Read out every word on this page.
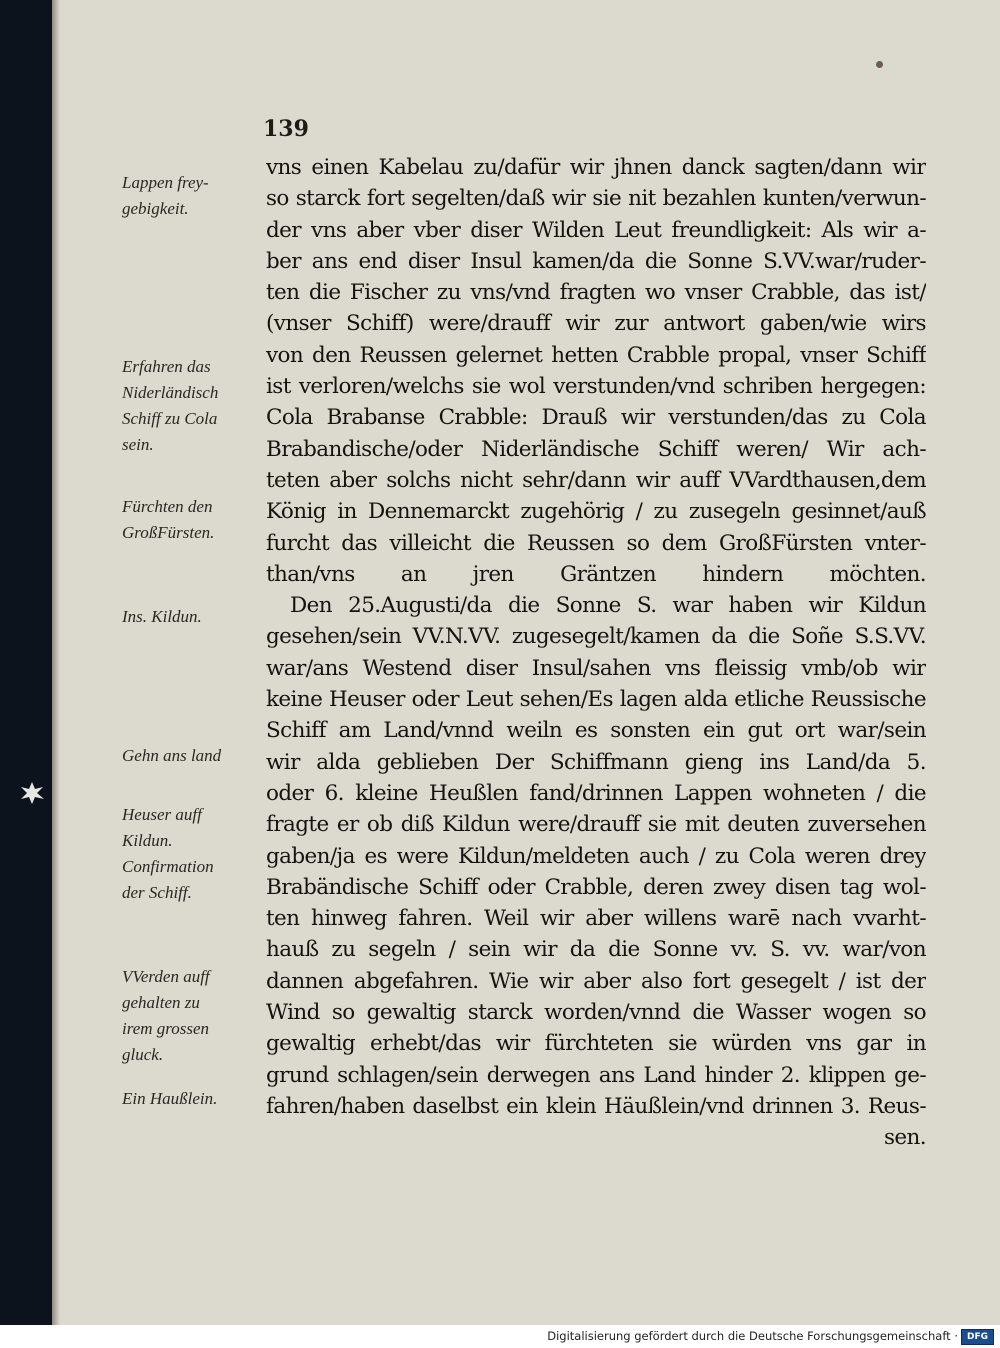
139
Lappen frey-
gebigkeit.
Erfahren das
Niderländisch
Schiff zu Cola
sein.
Fürchten den
GroßFürsten.
Ins. Kildun.
Gehn ans land
Heuser auff
Kildun.
Confirmation
der Schiff.
VVerden auff
gehalten zu
irem grossen
gluck.
Ein Haußlein.
vns einen Kabelau zu/dafür wir jhnen danck sagten/dann wir
so starck fort segelten/daß wir sie nit bezahlen kunten/verwun-
der vns aber vber diser Wilden Leut freundligkeit: Als wir a-
ber ans end diser Insul kamen/da die Sonne S.VV.war/ruder-
ten die Fischer zu vns/vnd fragten wo vnser Crabble, das ist/
(vnser Schiff) were/drauff wir zur antwort gaben/wie wirs
von den Reussen gelernet hetten Crabble propal, vnser Schiff
ist verloren/welchs sie wol verstunden/vnd schriben hergegen:
Cola Brabanse Crabble: Drauß wir verstunden/das zu Cola
Brabandische/oder Niderländische Schiff weren/ Wir ach-
teten aber solchs nicht sehr/dann wir auff VVardthausen,dem
König in Dennemarckt zugehörig / zu zusegeln gesinnet/auß
furcht das villeicht die Reussen so dem GroßFürsten vnter-
than/vns an jren Gräntzen hindern möchten.
Den 25.Augusti/da die Sonne S. war haben wir Kildun
gesehen/sein VV.N.VV. zugesegelt/kamen da die Soñe S.S.VV.
war/ans Westend diser Insul/sahen vns fleissig vmb/ob wir
keine Heuser oder Leut sehen/Es lagen alda etliche Reussische
Schiff am Land/vnnd weiln es sonsten ein gut ort war/sein
wir alda geblieben Der Schiffmann gieng ins Land/da 5.
oder 6. kleine Heußlen fand/drinnen Lappen wohneten / die
fragte er ob diß Kildun were/drauff sie mit deuten zuversehen
gaben/ja es were Kildun/meldeten auch / zu Cola weren drey
Brabändische Schiff oder Crabble, deren zwey disen tag wol-
ten hinweg fahren. Weil wir aber willens warē nach vvarht-
hauß zu segeln / sein wir da die Sonne vv. S. vv. war/von
dannen abgefahren. Wie wir aber also fort gesegelt / ist der
Wind so gewaltig starck worden/vnnd die Wasser wogen so
gewaltig erhebt/das wir fürchteten sie würden vns gar in
grund schlagen/sein derwegen ans Land hinder 2. klippen ge-
fahren/haben daselbst ein klein Häußlein/vnd drinnen 3. Reus-
sen.
Digitalisierung gefördert durch die Deutsche Forschungsgemeinschaft · DFG
